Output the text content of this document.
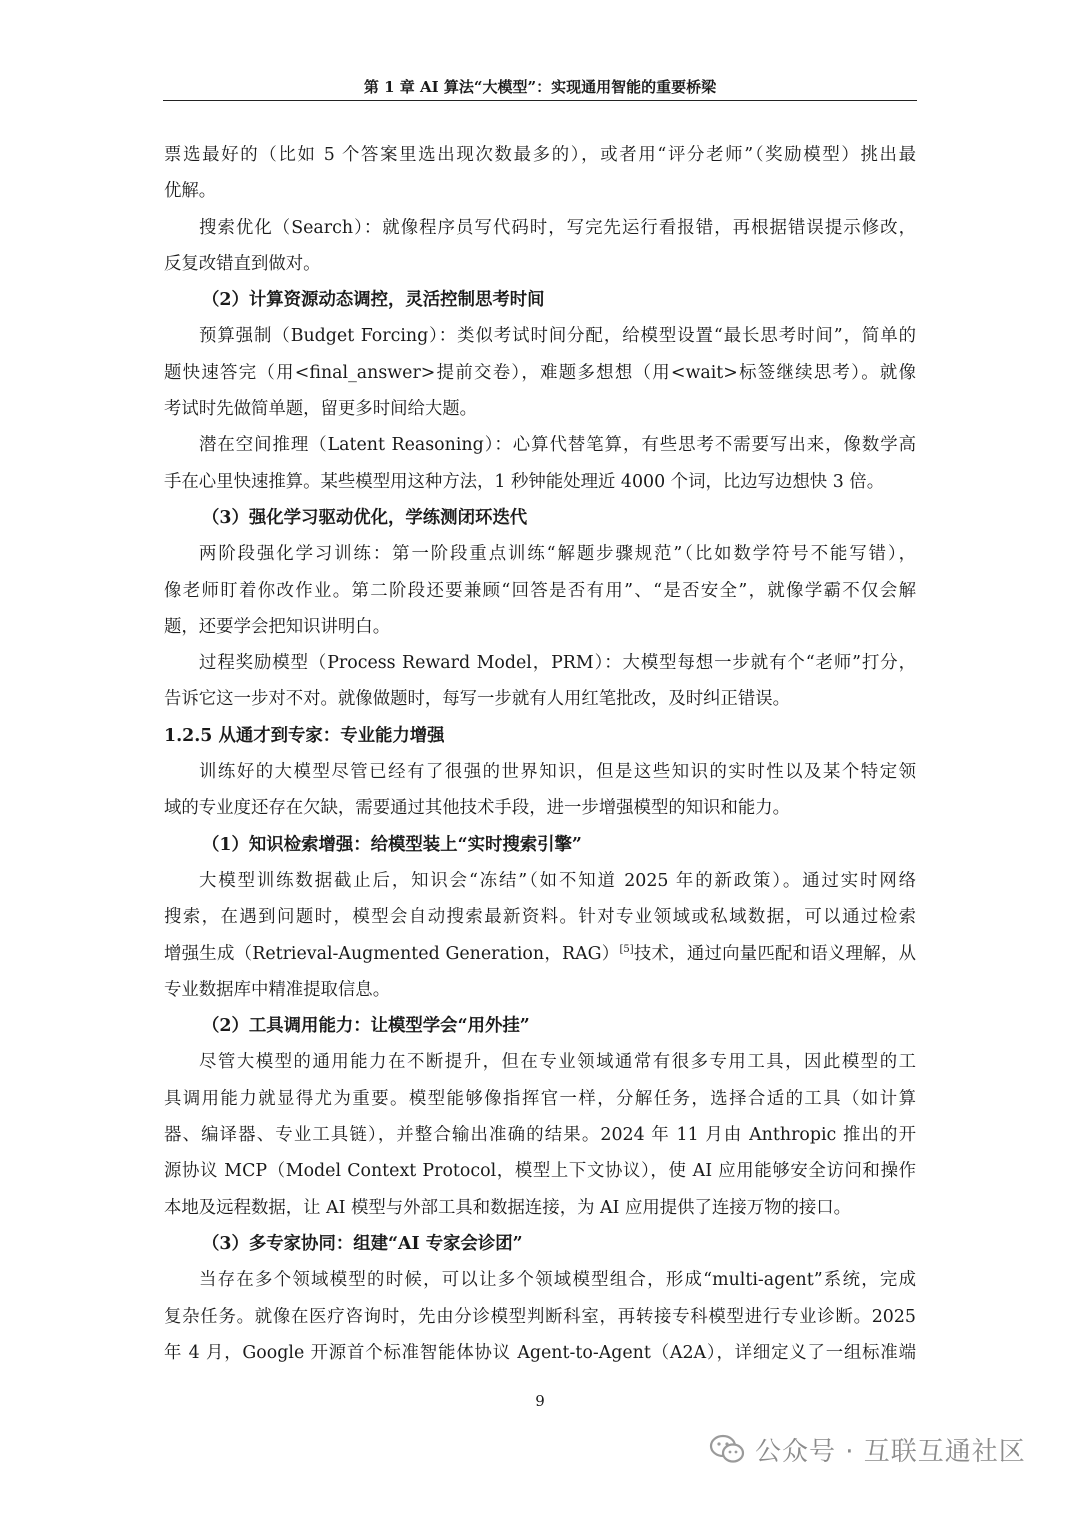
第 1 章 AI 算法“大模型”：实现通用智能的重要桥梁
票选最好的（比如 5 个答案里选出现次数最多的），或者用“评分老师”（奖励模型）挑出最
优解。
搜索优化（Search）：就像程序员写代码时，写完先运行看报错，再根据错误提示修改，
反复改错直到做对。
（2）计算资源动态调控，灵活控制思考时间
预算强制（Budget Forcing）：类似考试时间分配，给模型设置“最长思考时间”，简单的
题快速答完（用<final_answer>提前交卷），难题多想想（用<wait>标签继续思考）。就像
考试时先做简单题，留更多时间给大题。
潜在空间推理（Latent Reasoning）：心算代替笔算，有些思考不需要写出来，像数学高
手在心里快速推算。某些模型用这种方法，1 秒钟能处理近 4000 个词，比边写边想快 3 倍。
（3）强化学习驱动优化，学练测闭环迭代
两阶段强化学习训练：第一阶段重点训练“解题步骤规范”（比如数学符号不能写错），
像老师盯着你改作业。第二阶段还要兼顾“回答是否有用”、“是否安全”，就像学霸不仅会解
题，还要学会把知识讲明白。
过程奖励模型（Process Reward Model，PRM）：大模型每想一步就有个“老师”打分，
告诉它这一步对不对。就像做题时，每写一步就有人用红笔批改，及时纠正错误。
1.2.5 从通才到专家：专业能力增强
训练好的大模型尽管已经有了很强的世界知识，但是这些知识的实时性以及某个特定领
域的专业度还存在欠缺，需要通过其他技术手段，进一步增强模型的知识和能力。
（1）知识检索增强：给模型装上“实时搜索引擎”
大模型训练数据截止后，知识会“冻结”（如不知道 2025 年的新政策）。通过实时网络
搜索，在遇到问题时，模型会自动搜索最新资料。针对专业领域或私域数据，可以通过检索
增强生成（Retrieval-Augmented Generation，RAG）[5]技术，通过向量匹配和语义理解，从
专业数据库中精准提取信息。
（2）工具调用能力：让模型学会“用外挂”
尽管大模型的通用能力在不断提升，但在专业领域通常有很多专用工具，因此模型的工
具调用能力就显得尤为重要。模型能够像指挥官一样，分解任务，选择合适的工具（如计算
器、编译器、专业工具链），并整合输出准确的结果。2024 年 11 月由 Anthropic 推出的开
源协议 MCP（Model Context Protocol，模型上下文协议），使 AI 应用能够安全访问和操作
本地及远程数据，让 AI 模型与外部工具和数据连接，为 AI 应用提供了连接万物的接口。
（3）多专家协同：组建“AI 专家会诊团”
当存在多个领域模型的时候，可以让多个领域模型组合，形成“multi-agent”系统，完成
复杂任务。就像在医疗咨询时，先由分诊模型判断科室，再转接专科模型进行专业诊断。2025
年 4 月，Google 开源首个标准智能体协议 Agent-to-Agent（A2A），详细定义了一组标准端
9
公众号 · 互联互通社区
